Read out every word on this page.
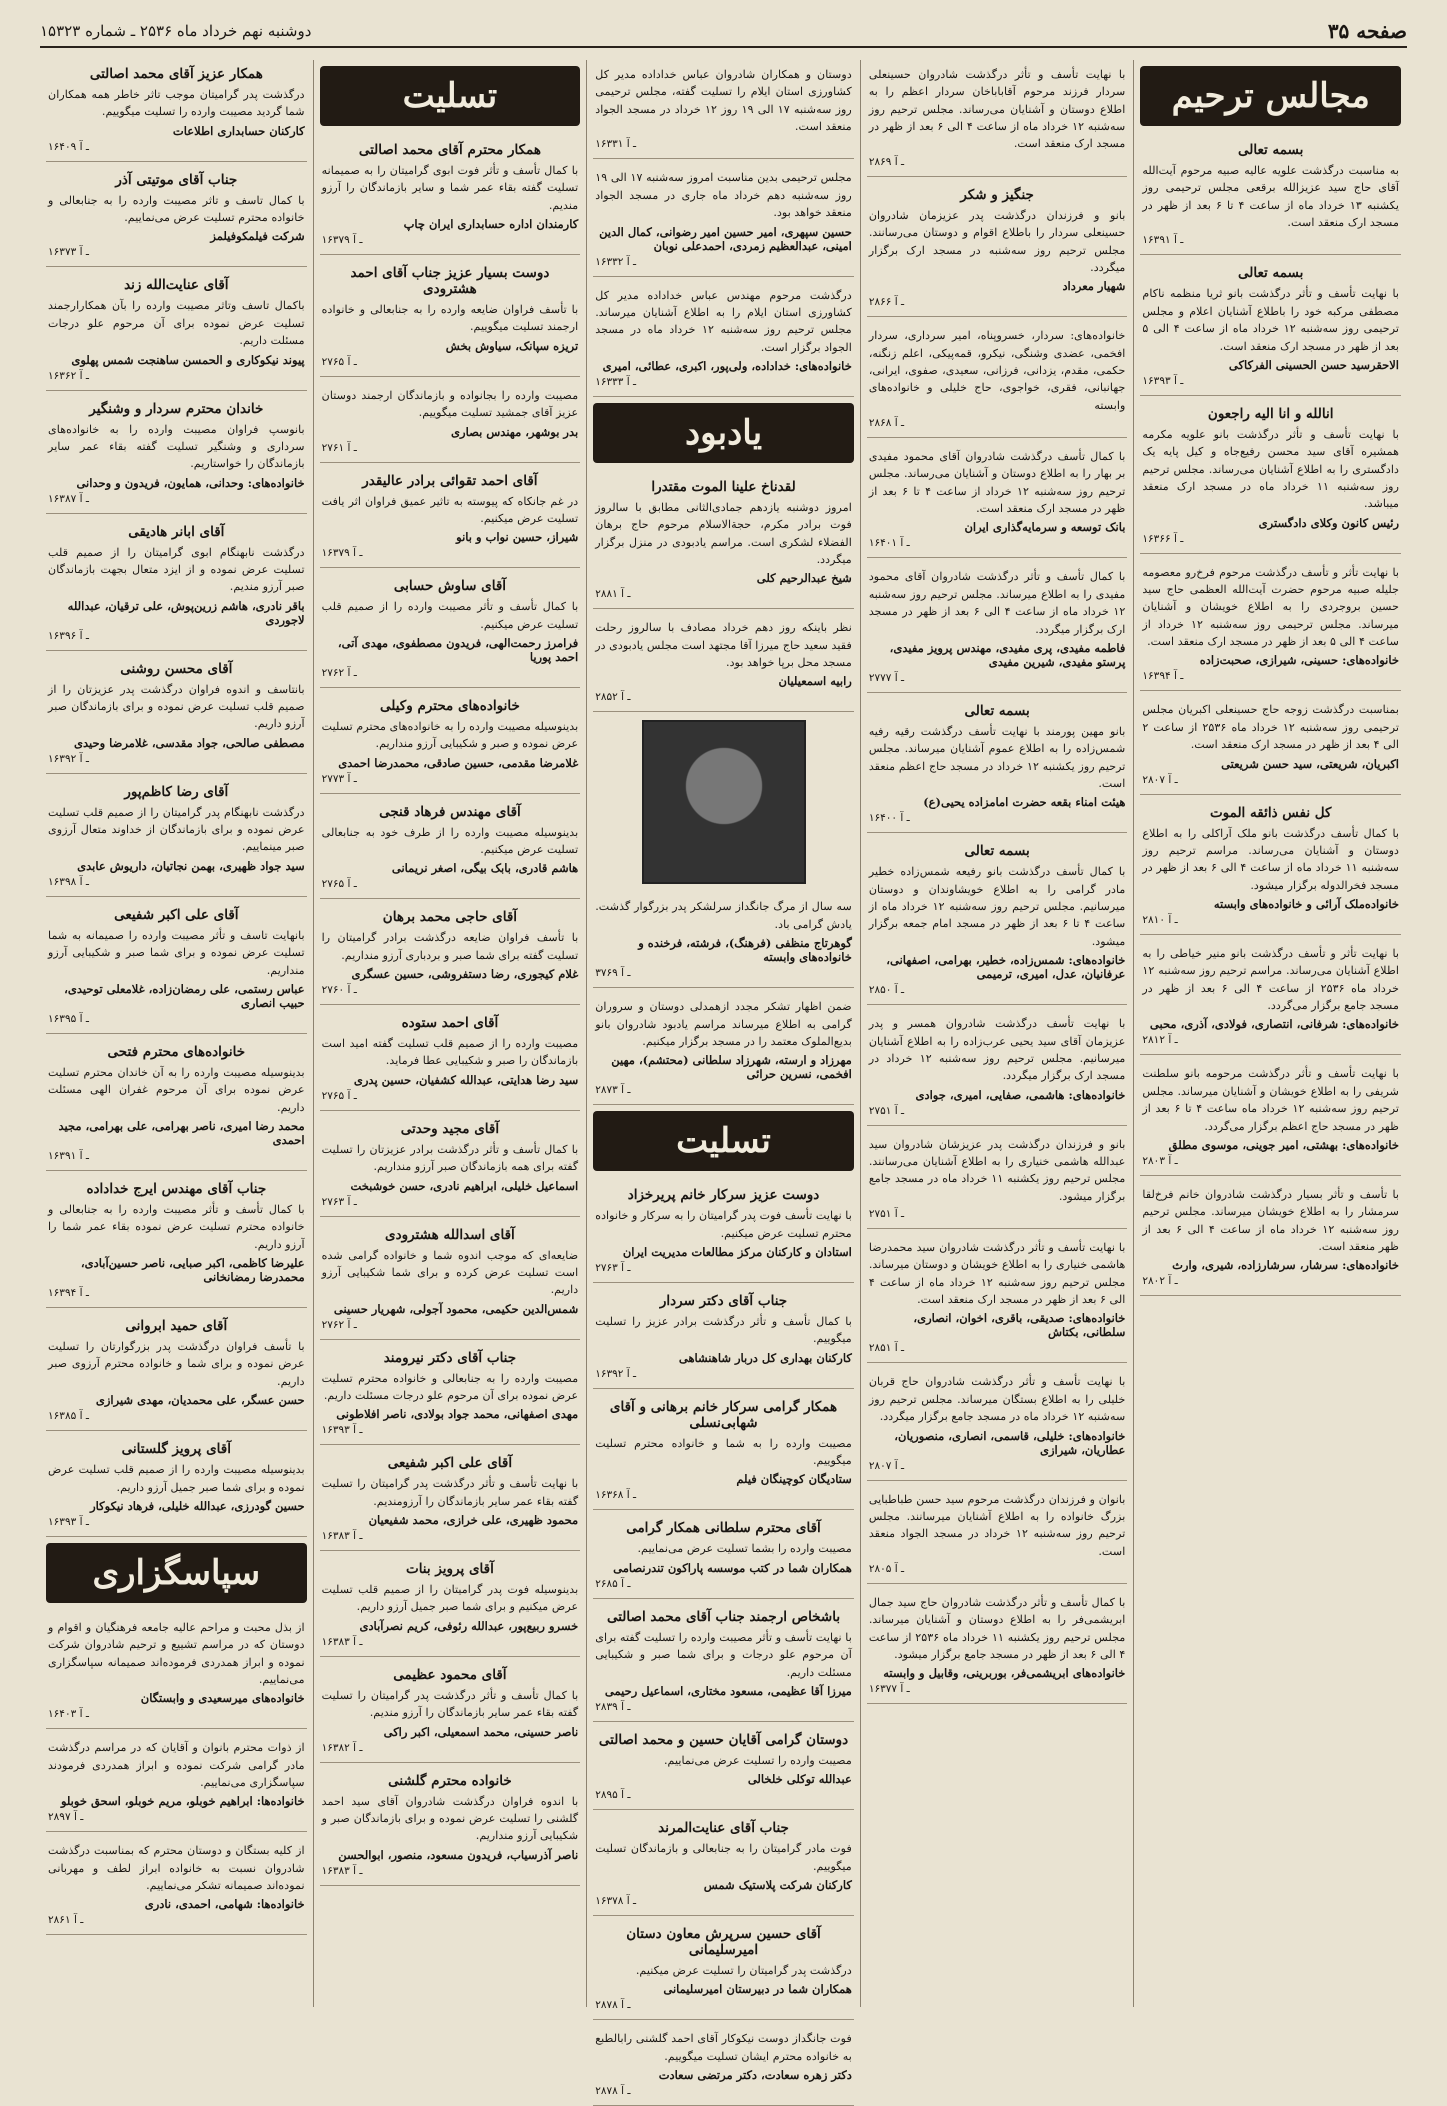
صفحه ۳۵
دوشنبه نهم خرداد ماه ۲۵۳۶ ـ شماره ۱۵۳۲۳
مجالس ترحیم
بسمه تعالی

به مناسبت درگذشت علویه عالیه صبیه مرحوم آیت‌الله آقای حاج سید عزیزالله برقعی مجلس ترحیمی روز یکشنبه ۱۳ خرداد ماه از ساعت ۴ تا ۶ بعد از ظهر در مسجد ارک منعقد است.

۱۶۳۹۱ ـ آ
بسمه تعالی

با نهایت تأسف و تأثر درگذشت بانو ثریا منظمه ناکام مصطفی مرکبه خود را باطلاع آشنایان اعلام و مجلس ترحیمی روز سه‌شنبه ۱۲ خرداد ماه از ساعت ۴ الی ۵ بعد از ظهر در مسجد ارک منعقد است.

الاحقرسید حسن الحسینی الفرکاکی
۱۶۳۹۳ ـ آ
انالله و انا الیه راجعون

با نهایت تأسف و تأثر درگذشت بانو علویه مکرمه همشیره آقای سید محسن رفیع‌جاه و کیل پایه یک دادگستری را به اطلاع آشنایان می‌رساند. مجلس ترحیم روز سه‌شنبه ۱۱ خرداد ماه در مسجد ارک منعقد میباشد.

رئیس کانون وکلای دادگستری
۱۶۳۶۶ ـ آ

با نهایت تأثر و تأسف درگذشت مرحوم فرخ‌رو معصومه جلیله صبیه مرحوم حضرت آیت‌الله العظمی حاج سید حسین بروجردی را به اطلاع خویشان و آشنایان میرساند. مجلس ترحیمی روز سه‌شنبه ۱۲ خرداد از ساعت ۴ الی ۵ بعد از ظهر در مسجد ارک منعقد است.

خانواده‌های: حسینی، شیرازی، صحبت‌زاده
۱۶۳۹۴ ـ آ

بمناسبت درگذشت زوجه حاج حسینعلی اکبریان مجلس ترحیمی روز سه‌شنبه ۱۲ خرداد ماه ۲۵۳۶ از ساعت ۲ الی ۴ بعد از ظهر در مسجد ارک منعقد است.

اکبریان، شریعتی، سید حسن شریعتی
۲۸۰۷ ـ آ
کل نفس ذائقه الموت

با کمال تأسف درگذشت بانو ملک آراکلی را به اطلاع دوستان و آشنایان می‌رساند. مراسم ترحیم روز سه‌شنبه ۱۱ خرداد ماه از ساعت ۴ الی ۶ بعد از ظهر در مسجد فخرالدوله برگزار میشود.

خانواده‌ملک آرائی و خانواده‌های وابسته
۲۸۱۰ ـ آ

با نهایت تأثر و تأسف درگذشت بانو منیر خیاطی را به اطلاع آشنایان می‌رساند. مراسم ترحیم روز سه‌شنبه ۱۲ خرداد ماه ۲۵۳۶ از ساعت ۴ الی ۶ بعد از ظهر در مسجد جامع برگزار می‌گردد.

خانواده‌های: شرفانی، انتصاری، فولادی، آذری، محبی
۲۸۱۲ ـ آ

با نهایت تأسف و تأثر درگذشت مرحومه بانو سلطنت شریفی را به اطلاع خویشان و آشنایان میرساند. مجلس ترحیم روز سه‌شنبه ۱۲ خرداد ماه ساعت ۴ تا ۶ بعد از ظهر در مسجد حاج اعظم برگزار می‌گردد.

خانواده‌های: بهشتی، امیر جوینی، موسوی مطلق
۲۸۰۳ ـ آ

با تأسف و تأثر بسیار درگذشت شادروان خانم فرخ‌لقا سرمشار را به اطلاع خویشان میرساند. مجلس ترحیم روز سه‌شنبه ۱۲ خرداد ماه از ساعت ۴ الی ۶ بعد از ظهر منعقد است.

خانواده‌های: سرشار، سرشارزاده، شیری، وارث
۲۸۰۲ ـ آ

با نهایت تأسف و تأثر درگذشت شادروان حسینعلی سردار فرزند مرحوم آقاباباخان سردار اعظم را به اطلاع دوستان و آشنایان می‌رساند. مجلس ترحیم روز سه‌شنبه ۱۲ خرداد ماه از ساعت ۴ الی ۶ بعد از ظهر در مسجد ارک منعقد است.

۲۸۶۹ ـ آ
جنگیز و شکر

بانو و فرزندان درگذشت پدر عزیزمان شادروان حسینعلی سردار را باطلاع اقوام و دوستان می‌رسانند. مجلس ترحیم روز سه‌شنبه در مسجد ارک برگزار میگردد.

شهیار معرداد
۲۸۶۶ ـ آ

خانواده‌های: سردار، خسروپناه، امیر سرداری، سردار افخمی، عضدی وشنگی، نیکرو، قمه‌پیکی، اعلم زنگنه، حکمی، مقدم، یزدانی، فرزانی، سعیدی، صفوی، ایرانی، جهانبانی، فقری، خواجوی، حاج خلیلی و خانواده‌های وابسته

۲۸۶۸ ـ آ

با کمال تأسف درگذشت شادروان آقای محمود مفیدی بر بهار را به اطلاع دوستان و آشنایان می‌رساند. مجلس ترحیم روز سه‌شنبه ۱۲ خرداد از ساعت ۴ تا ۶ بعد از ظهر در مسجد ارک منعقد است.

بانک توسعه و سرمایه‌گذاری ایران
۱۶۴۰۱ ـ آ

با کمال تأسف و تأثر درگذشت شادروان آقای محمود مفیدی را به اطلاع میرساند. مجلس ترحیم روز سه‌شنبه ۱۲ خرداد ماه از ساعت ۴ الی ۶ بعد از ظهر در مسجد ارک برگزار میگردد.

فاطمه مفیدی، پری مفیدی، مهندس پرویز مفیدی، پرستو مفیدی، شیرین مفیدی
۲۷۷۷ ـ آ
بسمه تعالی

بانو مهین پورمند با نهایت تأسف درگذشت رقیه رفیه شمس‌زاده را به اطلاع عموم آشنایان میرساند. مجلس ترحیم روز یکشنبه ۱۲ خرداد در مسجد حاج اعظم منعقد است.

هیئت امناء بقعه حضرت امامزاده یحیی(ع)
۱۶۴۰۰ ـ آ
بسمه تعالی

با کمال تأسف درگذشت بانو رفیعه شمس‌زاده خطیر مادر گرامی را به اطلاع خویشاوندان و دوستان میرسانیم. مجلس ترحیم روز سه‌شنبه ۱۲ خرداد ماه از ساعت ۴ تا ۶ بعد از ظهر در مسجد امام جمعه برگزار میشود.

خانواده‌های: شمس‌زاده، خطیر، بهرامی، اصفهانی، عرفانیان، عدل، امیری، ترمیمی
۲۸۵۰ ـ آ

با نهایت تأسف درگذشت شادروان همسر و پدر عزیزمان آقای سید یحیی عرب‌زاده را به اطلاع آشنایان میرسانیم. مجلس ترحیم روز سه‌شنبه ۱۲ خرداد در مسجد ارک برگزار میگردد.

خانواده‌های: هاشمی، صفایی، امیری، جوادی
۲۷۵۱ ـ آ

بانو و فرزندان درگذشت پدر عزیزشان شادروان سید عبدالله هاشمی خنیاری را به اطلاع آشنایان می‌رسانند. مجلس ترحیم روز یکشنبه ۱۱ خرداد ماه در مسجد جامع برگزار میشود.

۲۷۵۱ ـ آ

با نهایت تأسف و تأثر درگذشت شادروان سید محمدرضا هاشمی خنیاری را به اطلاع خویشان و دوستان میرساند. مجلس ترحیم روز سه‌شنبه ۱۲ خرداد ماه از ساعت ۴ الی ۶ بعد از ظهر در مسجد ارک منعقد است.

خانواده‌های: صدیقی، باقری، اخوان، انصاری، سلطانی، بکتاش
۲۸۵۱ ـ آ

با نهایت تأسف و تأثر درگذشت شادروان حاج قربان خلیلی را به اطلاع بستگان میرساند. مجلس ترحیم روز سه‌شنبه ۱۲ خرداد ماه در مسجد جامع برگزار میگردد.

خانواده‌های: خلیلی، قاسمی، انصاری، منصوریان، عطاریان، شیرازی
۲۸۰۷ ـ آ

بانوان و فرزندان درگذشت مرحوم سید حسن طباطبایی بزرگ خانواده را به اطلاع آشنایان میرسانند. مجلس ترحیم روز سه‌شنبه ۱۲ خرداد در مسجد الجواد منعقد است.

۲۸۰۵ ـ آ

با کمال تأسف و تأثر درگذشت شادروان حاج سید جمال ابریشمی‌فر را به اطلاع دوستان و آشنایان میرساند. مجلس ترحیم روز یکشنبه ۱۱ خرداد ماه ۲۵۳۶ از ساعت ۴ الی ۶ بعد از ظهر در مسجد جامع برگزار میشود.

خانواده‌های ابریشمی‌فر، بوربرینی، وقابیل و وابسته
۱۶۳۷۷ ـ آ

دوستان و همکاران شادروان عباس خداداده مدیر کل کشاورزی استان ایلام را تسلیت گفته، مجلس ترحیمی روز سه‌شنبه ۱۷ الی ۱۹ روز ۱۲ خرداد در مسجد الجواد منعقد است.

۱۶۳۳۱ ـ آ

مجلس ترحیمی بدین مناسبت امروز سه‌شنبه ۱۷ الی ۱۹ روز سه‌شنبه دهم خرداد ماه جاری در مسجد الجواد منعقد خواهد بود.

حسین سپهری، امیر حسین امیر رضوانی، کمال الدین امینی، عبدالعظیم زمردی، احمدعلی نوبان
۱۶۳۳۲ ـ آ

درگذشت مرحوم مهندس عباس خداداده مدیر کل کشاورزی استان ایلام را به اطلاع آشنایان میرساند. مجلس ترحیم روز سه‌شنبه ۱۲ خرداد ماه در مسجد الجواد برگزار است.

خانواده‌های: خداداده، ولی‌پور، اکبری، عطائی، امیری
۱۶۳۳۳ ـ آ
یادبود
لقدناخ علینا الموت مقتدرا

امروز دوشنبه یازدهم جمادی‌الثانی مطابق با سالروز فوت برادر مکرم، حجةالاسلام مرحوم حاج برهان الفضلاء لشکری است. مراسم یادبودی در منزل برگزار میگردد.

شیخ عبدالرحیم کلی
۲۸۸۱ ـ آ

نظر باینکه روز دهم خرداد مصادف با سالروز رحلت فقید سعید حاج میرزا آقا مجتهد است مجلس یادبودی در مسجد محل برپا خواهد بود.

رابیه اسمعیلیان
۲۸۵۲ ـ آ

سه سال از مرگ جانگداز سرلشکر پدر بزرگوار گذشت. یادش گرامی باد.

گوهرتاج منظفی (فرهنگ)، فرشته، فرخنده و خانواده‌های وابسته
۳۷۶۹ ـ آ

ضمن اظهار تشکر مجدد ازهمدلی دوستان و سروران گرامی به اطلاع میرساند مراسم یادبود شادروان بانو بدیع‌الملوک معتمد را در مسجد برگزار میکنیم.

مهرزاد و ارسته، شهرزاد سلطانی (محتشم)، مهین افخمی، نسرین حرائی
۲۸۷۳ ـ آ
تسلیت
دوست عزیز سرکار خانم پریرخزاد

با نهایت تأسف فوت پدر گرامیتان را به سرکار و خانواده محترم تسلیت عرض میکنیم.

استادان و کارکنان مرکز مطالعات مدیریت ایران
۲۷۶۳ ـ آ
جناب آقای دکتر سردار

با کمال تأسف و تأثر درگذشت برادر عزیز را تسلیت میگوییم.

کارکنان بهداری کل دربار شاهنشاهی
۱۶۳۹۲ ـ آ
همکار گرامی سرکار خانم برهانی و آقای شهابی‌نسلی

مصیبت وارده را به شما و خانواده محترم تسلیت میگوییم.

ستادیگان کوچینگان فیلم
۱۶۳۶۸ ـ آ
آقای محترم سلطانی همکار گرامی

مصیبت وارده را بشما تسلیت عرض می‌نماییم.

همکاران شما در کتب موسسه پاراکون تندرنصامی
۲۶۸۵ ـ آ
باشخاص ارجمند جناب آقای محمد اصالتی

با نهایت تأسف و تأثر مصیبت وارده را تسلیت گفته برای آن مرحوم علو درجات و برای شما صبر و شکیبایی مسئلت داریم.

میرزا آقا عظیمی، مسعود مختاری، اسماعیل رحیمی
۲۸۳۹ ـ آ
دوستان گرامی آقایان حسین و محمد اصالتی

مصیبت وارده را تسلیت عرض می‌نماییم.

عبدالله توکلی خلخالی
۲۸۹۵ ـ آ
جناب آقای عنایت‌المرند

فوت مادر گرامیتان را به جنابعالی و بازماندگان تسلیت میگوییم.

کارکنان شرکت پلاستیک شمس
۱۶۳۷۸ ـ آ
آقای حسین سرپرش معاون دستان امیرسلیمانی

درگذشت پدر گرامیتان را تسلیت عرض میکنیم.

همکاران شما در دبیرستان امیرسلیمانی
۲۸۷۸ ـ آ

فوت جانگداز دوست نیکوکار آقای احمد گلشنی رابالطبع به خانواده محترم ایشان تسلیت میگوییم.

دکتر زهره سعادت، دکتر مرتضی سعادت
۲۸۷۸ ـ آ
تسلیت
همکار محترم آقای محمد اصالتی

با کمال تأسف و تأثر فوت ابوی گرامیتان را به صمیمانه تسلیت گفته بقاء عمر شما و سایر بازماندگان را آرزو مندیم.

کارمندان اداره حسابداری ایران چاپ
۱۶۳۷۹ ـ آ
دوست بسیار عزیز جناب آقای احمد هشترودی

با تأسف فراوان ضایعه وارده را به جنابعالی و خانواده ارجمند تسلیت میگوییم.

تریزه سپانک، سیاوش بخش
۲۷۶۵ ـ آ

مصیبت وارده را بجانواده و بازماندگان ارجمند دوستان عزیز آقای جمشید تسلیت میگوییم.

بدر بوشهر، مهندس بصاری
۲۷۶۱ ـ آ
آقای احمد تقوائی برادر عالیقدر

در غم جانکاه که پیوسته به تاثیر عمیق فراوان اثر یافت تسلیت عرض میکنیم.

شیراز، حسین نواب و بانو
۱۶۳۷۹ ـ آ
آقای ساوش حسابی

با کمال تأسف و تأثر مصیبت وارده را از صمیم قلب تسلیت عرض میکنیم.

فرامرز رحمت‌الهی، فریدون مصطفوی، مهدی آتی، احمد پوریا
۲۷۶۲ ـ آ
خانواده‌های محترم وکیلی

بدینوسیله مصیبت وارده را به خانواده‌های محترم تسلیت عرض نموده و صبر و شکیبایی آرزو منداریم.

غلامرضا مقدمی، حسین صادقی، محمدرضا احمدی
۲۷۷۳ ـ آ
آقای مهندس فرهاد قنجی

بدینوسیله مصیبت وارده را از طرف خود به جنابعالی تسلیت عرض میکنیم.

هاشم قادری، بابک بیگی، اصغر نریمانی
۲۷۶۵ ـ آ
آقای حاجی محمد برهان

با تأسف فراوان ضایعه درگذشت برادر گرامیتان را تسلیت گفته برای شما صبر و بردباری آرزو منداریم.

غلام کیجوری، رضا دستفروشی، حسین عسگری
۲۷۶۰ ـ آ
آقای احمد ستوده

مصیبت وارده را از صمیم قلب تسلیت گفته امید است بازماندگان را صبر و شکیبایی عطا فرماید.

سید رضا هدایتی، عبدالله کشفیان، حسین پدری
۲۷۶۵ ـ آ
آقای مجید وحدتی

با کمال تأسف و تأثر درگذشت برادر عزیزتان را تسلیت گفته برای همه بازماندگان صبر آرزو منداریم.

اسماعیل خلیلی، ابراهیم نادری، حسن خوشبخت
۲۷۶۳ ـ آ
آقای اسدالله هشترودی

ضایعه‌ای که موجب اندوه شما و خانواده گرامی شده است تسلیت عرض کرده و برای شما شکیبایی آرزو داریم.

شمس‌الدین حکیمی، محمود آجولی، شهریار حسینی
۲۷۶۲ ـ آ
جناب آقای دکتر نیرومند

مصیبت وارده را به جنابعالی و خانواده محترم تسلیت عرض نموده برای آن مرحوم علو درجات مسئلت داریم.

مهدی اصفهانی، محمد جواد بولادی، ناصر افلاطونی
۱۶۳۹۳ ـ آ
آقای علی اکبر شفیعی

با نهایت تأسف و تأثر درگذشت پدر گرامیتان را تسلیت گفته بقاء عمر سایر بازماندگان را آرزومندیم.

محمود ظهیری، علی خرازی، محمد شفیعیان
۱۶۳۸۳ ـ آ
آقای پرویز بنات

بدینوسیله فوت پدر گرامیتان را از صمیم قلب تسلیت عرض میکنیم و برای شما صبر جمیل آرزو داریم.

خسرو ربیع‌پور، عبدالله رئوفی، کریم نصرآبادی
۱۶۳۸۳ ـ آ
آقای محمود عظیمی

با کمال تأسف و تأثر درگذشت پدر گرامیتان را تسلیت گفته بقاء عمر سایر بازماندگان را آرزو مندیم.

ناصر حسینی، محمد اسمعیلی، اکبر راکی
۱۶۳۸۲ ـ آ
خانواده محترم گلشنی

با اندوه فراوان درگذشت شادروان آقای سید احمد گلشنی را تسلیت عرض نموده و برای بازماندگان صبر و شکیبایی آرزو منداریم.

ناصر آذرسیاب، فریدون مسعود، منصور، ابوالحسن
۱۶۳۸۳ ـ آ
همکار عزیز آقای محمد اصالتی

درگذشت پدر گرامیتان موجب تاثر خاطر همه همکاران شما گردید مصیبت وارده را تسلیت میگوییم.

کارکنان حسابداری اطلاعات
۱۶۴۰۹ ـ آ
جناب آقای موتیتی آذر

با کمال تاسف و تاثر مصیبت وارده را به جنابعالی و خانواده محترم تسلیت عرض می‌نماییم.

شرکت فیلمکوفیلمز
۱۶۳۷۳ ـ آ
آقای عنایت‌الله زند

باکمال تاسف وتاثر مصیبت وارده را بآن همکارارجمند تسلیت عرض نموده برای آن مرحوم علو درجات مسئلت داریم.

پیوند نیکوکاری و الحمسن ساهنجت شمس پهلوی
۱۶۳۶۲ ـ آ
خاندان محترم سردار و وشنگیر

بانوسپ فراوان مصیبت وارده را به خانواده‌های سرداری و وشنگیر تسلیت گفته بقاء عمر سایر بازماندگان را خواستاریم.

خانواده‌های: وحدانی، همایون، فریدون و وحدانی
۱۶۳۸۷ ـ آ
آقای ابانر هادیقی

درگذشت نابهنگام ابوی گرامیتان را از صمیم قلب تسلیت عرض نموده و از ایزد متعال بجهت بازماندگان صبر آرزو مندیم.

باقر نادری، هاشم زرین‌پوش، علی ترقیان، عبدالله لاجوردی
۱۶۳۹۶ ـ آ
آقای محسن روشنی

بانتاسف و اندوه فراوان درگذشت پدر عزیزتان را از صمیم قلب تسلیت عرض نموده و برای بازماندگان صبر آرزو داریم.

مصطفی صالحی، جواد مقدسی، غلامرضا وحیدی
۱۶۳۹۲ ـ آ
آقای رضا کاظم‌پور

درگذشت نابهنگام پدر گرامیتان را از صمیم قلب تسلیت عرض نموده و برای بازماندگان از خداوند متعال آرزوی صبر مینماییم.

سید جواد ظهیری، بهمن نجاتیان، داریوش عابدی
۱۶۳۹۸ ـ آ
آقای علی اکبر شفیعی

بانهایت تاسف و تأثر مصیبت وارده را صمیمانه به شما تسلیت عرض نموده و برای شما صبر و شکیبایی آرزو منداریم.

عباس رستمی، علی رمضان‌زاده، غلامعلی توحیدی، حبیب انصاری
۱۶۳۹۵ ـ آ
خانواده‌های محترم فتحی

بدینوسیله مصیبت وارده را به آن خاندان محترم تسلیت عرض نموده برای آن مرحوم غفران الهی مسئلت داریم.

محمد رضا امیری، ناصر بهرامی، علی بهرامی، مجید احمدی
۱۶۳۹۱ ـ آ
جناب آقای مهندس ایرج خداداده

با کمال تأسف و تأثر مصیبت وارده را به جنابعالی و خانواده محترم تسلیت عرض نموده بقاء عمر شما را آرزو داریم.

علیرضا کاظمی، اکبر صبایی، ناصر حسین‌آبادی، محمدرضا رمضانخانی
۱۶۳۹۴ ـ آ
آقای حمید ابروانی

با تأسف فراوان درگذشت پدر بزرگوارتان را تسلیت عرض نموده و برای شما و خانواده محترم آرزوی صبر داریم.

حسن عسگر، علی محمدیان، مهدی شیرازی
۱۶۳۸۵ ـ آ
آقای پرویز گلستانی

بدینوسیله مصیبت وارده را از صمیم قلب تسلیت عرض نموده و برای شما صبر جمیل آرزو داریم.

حسین گودرزی، عبدالله خلیلی، فرهاد نیکوکار
۱۶۳۹۳ ـ آ
سپاسگزاری

از بذل محبت و مراحم عالیه جامعه فرهنگیان و اقوام و دوستان که در مراسم تشییع و ترحیم شادروان شرکت نموده و ابراز همدردی فرموده‌اند صمیمانه سپاسگزاری می‌نماییم.

خانواده‌های میرسعیدی و وابستگان
۱۶۴۰۳ ـ آ

از ذوات محترم بانوان و آقایان که در مراسم درگذشت مادر گرامی شرکت نموده و ابراز همدردی فرمودند سپاسگزاری می‌نماییم.

خانواده‌ها: ابراهیم خوبلو، مریم خوبلو، اسحق خوبلو
۲۸۹۷ ـ آ

از کلیه بستگان و دوستان محترم که بمناسبت درگذشت شادروان نسبت به خانواده ابراز لطف و مهربانی نموده‌اند صمیمانه تشکر می‌نماییم.

خانواده‌ها: شهامی، احمدی، نادری
۲۸۶۱ ـ آ
